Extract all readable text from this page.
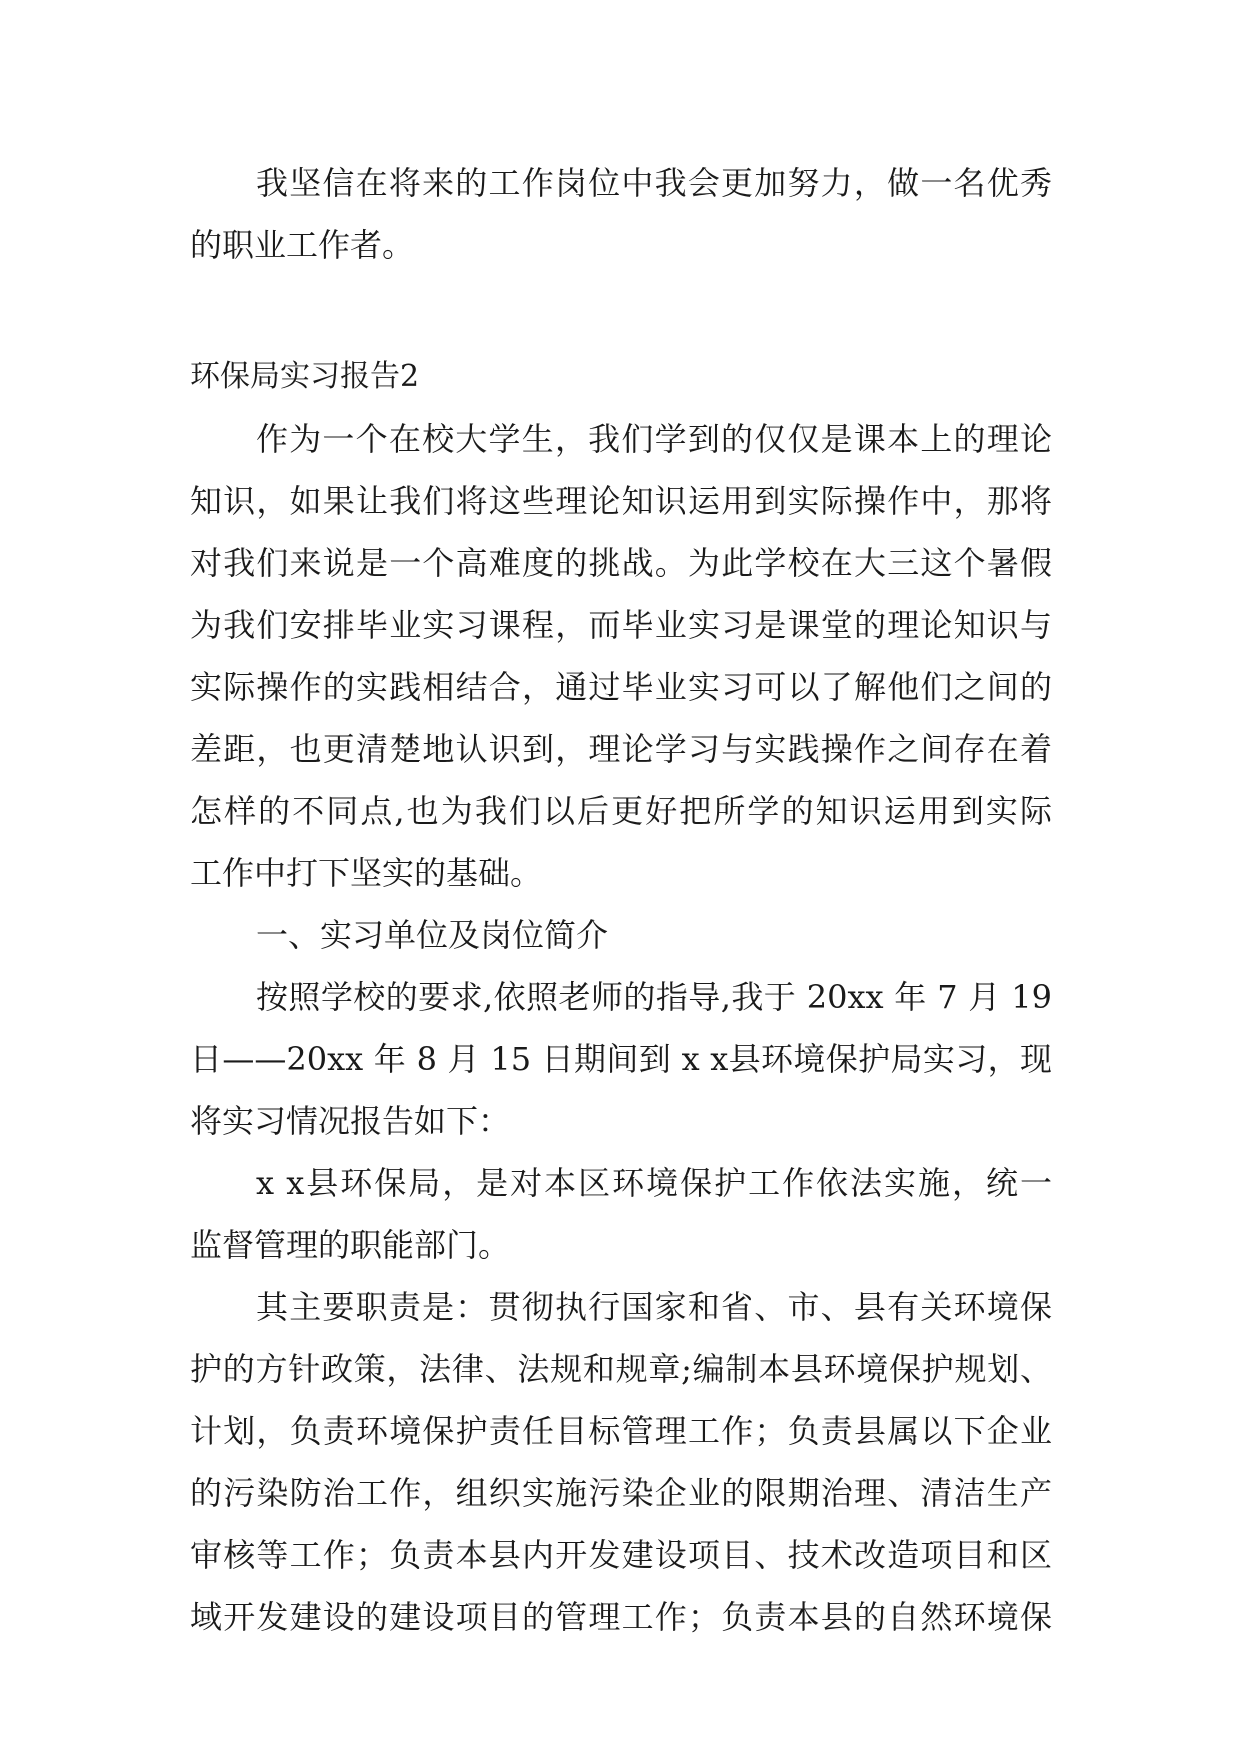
我坚信在将来的工作岗位中我会更加努力，做一名优秀
的职业工作者。
环保局实习报告2
作为一个在校大学生，我们学到的仅仅是课本上的理论
知识，如果让我们将这些理论知识运用到实际操作中，那将
对我们来说是一个高难度的挑战。为此学校在大三这个暑假
为我们安排毕业实习课程，而毕业实习是课堂的理论知识与
实际操作的实践相结合，通过毕业实习可以了解他们之间的
差距，也更清楚地认识到，理论学习与实践操作之间存在着
怎样的不同点,也为我们以后更好把所学的知识运用到实际
工作中打下坚实的基础。
一、实习单位及岗位简介
按照学校的要求,依照老师的指导,我于 20xx 年 7 月 19
日——20xx 年 8 月 15 日期间到 x x县环境保护局实习，现
将实习情况报告如下：
x x县环保局，是对本区环境保护工作依法实施，统一
监督管理的职能部门。
其主要职责是：贯彻执行国家和省、市、县有关环境保
护的方针政策，法律、法规和规章;编制本县环境保护规划、
计划，负责环境保护责任目标管理工作；负责县属以下企业
的污染防治工作，组织实施污染企业的限期治理、清洁生产
审核等工作；负责本县内开发建设项目、技术改造项目和区
域开发建设的建设项目的管理工作；负责本县的自然环境保
